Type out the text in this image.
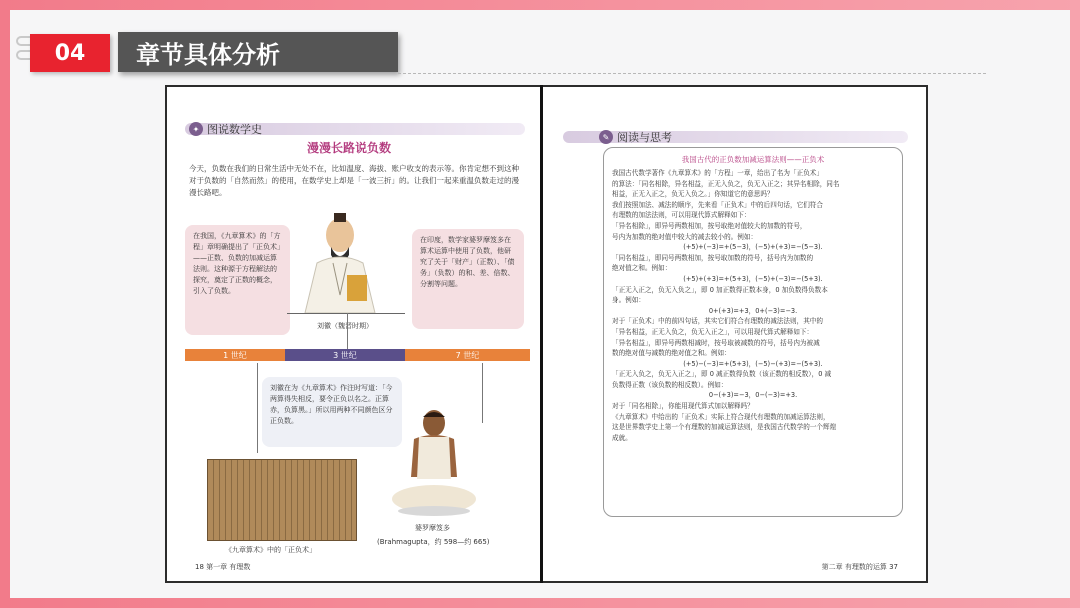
04	章节具体分析
✦ 图说数学史
漫漫长路说负数
今天，负数在我们的日常生活中无处不在，比如温度、海拔、账户收支的表示等。你肯定想不到这种对于负数的「自然而然」的使用，在数学史上却是「一波三折」的。让我们一起来重温负数走过的漫漫长路吧。
在我国，《九章算术》的「方程」章明确提出了「正负术」——正数、负数的加减运算法则。这种源于方程解法的探究，奠定了正数的概念，引入了负数。
刘徽（魏晋时期）
在印度，数学家婆罗摩笈多在算术运算中使用了负数，他研究了关于「财产」（正数）、「债务」（负数）的和、差、倍数、分割等问题。
1 世纪	3 世纪	7 世纪
刘徽在为《九章算术》作注时写道：「今两算得失相反，要令正负以名之。正算赤，负算黑。」所以用两种不同颜色区分正负数。
《九章算术》中的「正负术」
婆罗摩笈多
(Brahmagupta，约 598—约 665)
18 第一章 有理数
✎ 阅读与思考
我国古代的正负数加减运算法则——正负术
我国古代数学著作《九章算术》的「方程」一章，给出了名为「正负术」
的算法：「同名相除，异名相益，正无入负之，负无入正之；其异名相除，同名
相益，正无入正之，负无入负之。」你知道它的意思吗？
我们按照加法、减法的顺序，先来看「正负术」中的后四句话，它们符合
有理数的加法法则，可以用现代算式解释如下：
「异名相除」，即异号两数相加，按号取绝对值较大的加数的符号，
号内为加数的绝对值中较大的减去较小的。例如：
(+5)+(−3)=+(5−3)，(−5)+(+3)=−(5−3).
「同名相益」，即同号两数相加，按号取加数的符号，括号内为加数的
绝对值之和。例如：
(+5)+(+3)=+(5+3)，(−5)+(−3)=−(5+3).
「正无入正之，负无入负之」，即 0 加正数得正数本身，0 加负数得负数本
身。例如：
0+(+3)=+3，0+(−3)=−3.
对于「正负术」中的前四句话，其实它们符合有理数的减法法则，其中的
「异名相益，正无入负之，负无入正之」，可以用现代算式解释如下：
「异名相益」，即异号两数相减时，按号取被减数的符号，括号内为被减
数的绝对值与减数的绝对值之和。例如：
(+5)−(−3)=+(5+3)，(−5)−(+3)=−(5+3).
「正无入负之，负无入正之」，即 0 减正数得负数（该正数的相反数），0 减
负数得正数（该负数的相反数）。例如：
0−(+3)=−3，0−(−3)=+3.
对于「同名相除」，你能用现代算式加以解释吗？
《九章算术》中给出的「正负术」实际上符合现代有理数的加减运算法则，
这是世界数学史上第一个有理数的加减运算法则，是我国古代数学的一个辉煌
成就。
第二章 有理数的运算 37
